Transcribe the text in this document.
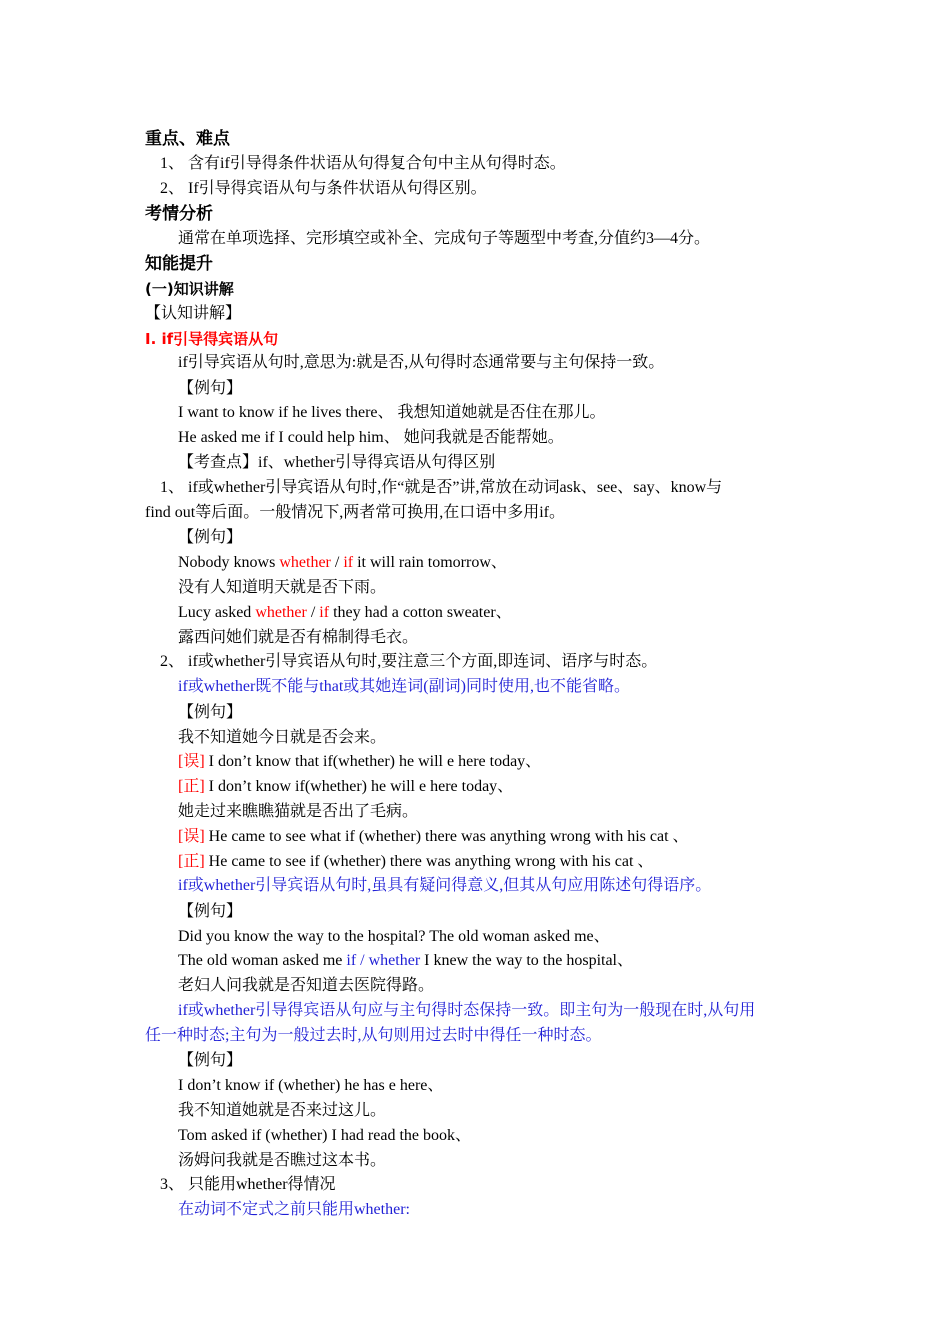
重点、难点
1、 含有if引导得条件状语从句得复合句中主从句得时态。
2、 If引导得宾语从句与条件状语从句得区别。
考情分析
通常在单项选择、完形填空或补全、完成句子等题型中考查,分值约3—4分。
知能提升
(一)知识讲解
【认知讲解】
I. if引导得宾语从句
if引导宾语从句时,意思为:就是否,从句得时态通常要与主句保持一致。
【例句】
I want to know if he lives there、 我想知道她就是否住在那儿。
He asked me if I could help him、 她问我就是否能帮她。
【考查点】if、whether引导得宾语从句得区别
1、 if或whether引导宾语从句时,作“就是否”讲,常放在动词ask、see、say、know与
find out等后面。一般情况下,两者常可换用,在口语中多用if。
【例句】
Nobody knows whether / if it will rain tomorrow、
没有人知道明天就是否下雨。
Lucy asked whether / if they had a cotton sweater、
露西问她们就是否有棉制得毛衣。
2、 if或whether引导宾语从句时,要注意三个方面,即连词、语序与时态。
if或whether既不能与that或其她连词(副词)同时使用,也不能省略。
【例句】
我不知道她今日就是否会来。
[误] I don’t know that if(whether) he will e here today、
[正] I don’t know if(whether) he will e here today、
她走过来瞧瞧猫就是否出了毛病。
[误] He came to see what if (whether) there was anything wrong with his cat 、
[正] He came to see if (whether) there was anything wrong with his cat 、
if或whether引导宾语从句时,虽具有疑问得意义,但其从句应用陈述句得语序。
【例句】
Did you know the way to the hospital? The old woman asked me、
The old woman asked me if / whether I knew the way to the hospital、
老妇人问我就是否知道去医院得路。
if或whether引导得宾语从句应与主句得时态保持一致。即主句为一般现在时,从句用
任一种时态;主句为一般过去时,从句则用过去时中得任一种时态。
【例句】
I don’t know if (whether) he has e here、
我不知道她就是否来过这儿。
Tom asked if (whether) I had read the book、
汤姆问我就是否瞧过这本书。
3、 只能用whether得情况
在动词不定式之前只能用whether:
